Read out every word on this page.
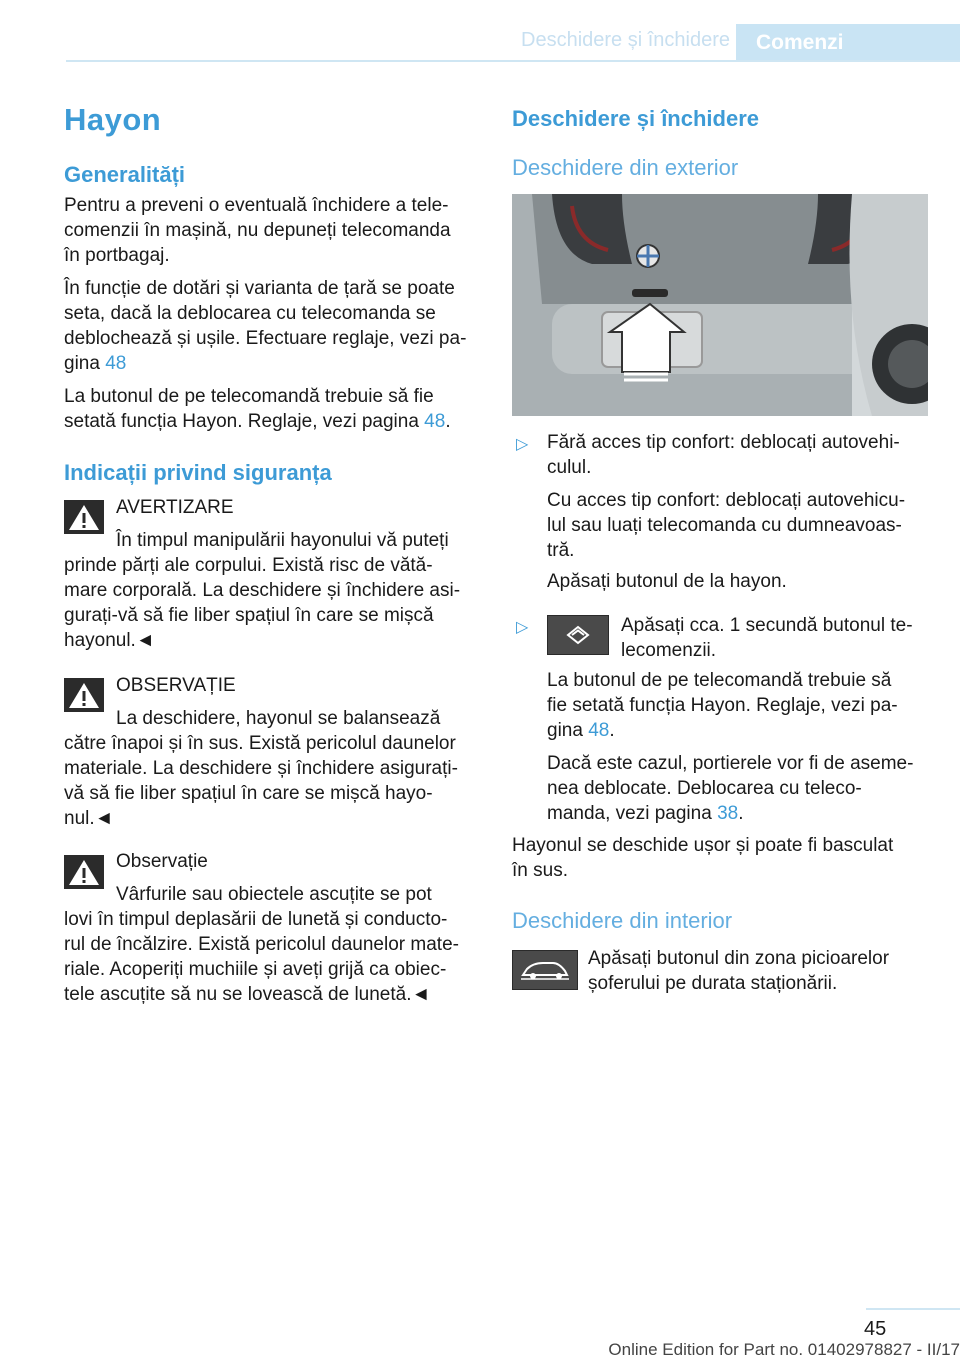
Deschidere și închidere	Comenzi
Hayon
Generalități
Pentru a preveni o eventuală închidere a tele-
comenzii în mașină, nu depuneți telecomanda
în portbagaj.
În funcție de dotări și varianta de țară se poate
seta, dacă la deblocarea cu telecomanda se
deblochează și ușile. Efectuare reglaje, vezi pa-
gina 48
La butonul de pe telecomandă trebuie să fie
setată funcția Hayon. Reglaje, vezi pagina 48.
Indicații privind siguranța
AVERTIZARE
În timpul manipulării hayonului vă puteți
prinde părți ale corpului. Există risc de vătă-
mare corporală. La deschidere și închidere asi-
gurați-vă să fie liber spațiul în care se mișcă
hayonul.◄
OBSERVAȚIE
La deschidere, hayonul se balansează
către înapoi și în sus. Există pericolul daunelor
materiale. La deschidere și închidere asigurați-
vă să fie liber spațiul în care se mișcă hayo-
nul.◄
Observație
Vârfurile sau obiectele ascuțite se pot
lovi în timpul deplasării de lunetă și conducto-
rul de încălzire. Există pericolul daunelor mate-
riale. Acoperiți muchiile și aveți grijă ca obiec-
tele ascuțite să nu se lovească de lunetă.◄
Deschidere și închidere
Deschidere din exterior
▷ Fără acces tip confort: deblocați autovehi-
culul.
Cu acces tip confort: deblocați autovehicu-
lul sau luați telecomanda cu dumneavoas-
tră.
Apăsați butonul de la hayon.
▷	Apăsați cca. 1 secundă butonul te-
lecomenzii.
La butonul de pe telecomandă trebuie să
fie setată funcția Hayon. Reglaje, vezi pa-
gina 48.
Dacă este cazul, portierele vor fi de aseme-
nea deblocate. Deblocarea cu teleco-
manda, vezi pagina 38.
Hayonul se deschide ușor și poate fi basculat
în sus.
Deschidere din interior
Apăsați butonul din zona picioarelor
șoferului pe durata staționării.
45
Online Edition for Part no. 01402978827 - II/17
